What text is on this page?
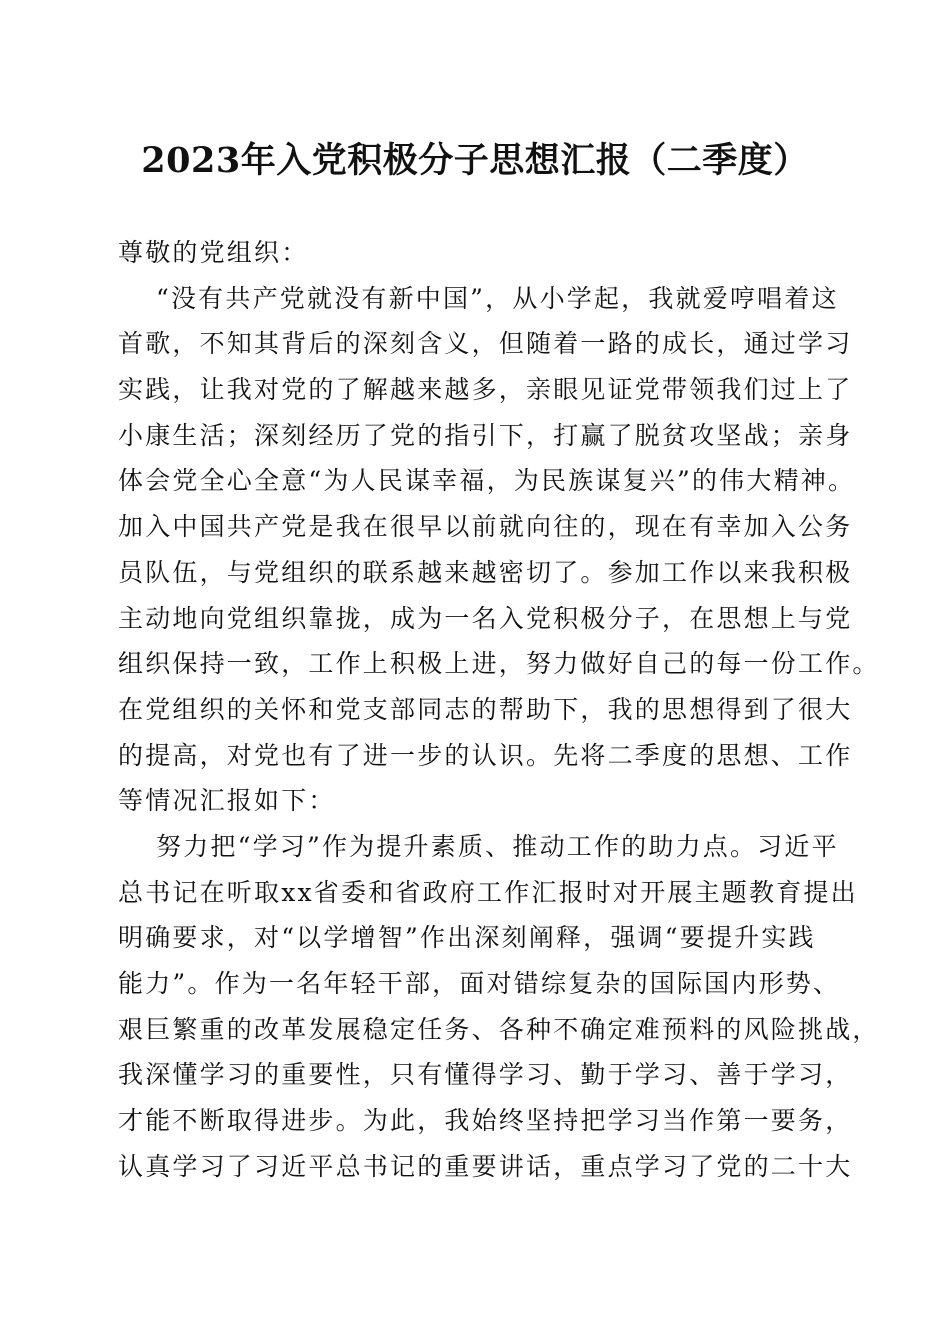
2023年入党积极分子思想汇报（二季度）
尊敬的党组织：
“没有共产党就没有新中国”，从小学起，我就爱哼唱着这
首歌，不知其背后的深刻含义，但随着一路的成长，通过学习
实践，让我对党的了解越来越多，亲眼见证党带领我们过上了
小康生活；深刻经历了党的指引下，打赢了脱贫攻坚战；亲身
体会党全心全意“为人民谋幸福，为民族谋复兴”的伟大精神。
加入中国共产党是我在很早以前就向往的，现在有幸加入公务
员队伍，与党组织的联系越来越密切了。参加工作以来我积极
主动地向党组织靠拢，成为一名入党积极分子，在思想上与党
组织保持一致，工作上积极上进，努力做好自己的每一份工作。
在党组织的关怀和党支部同志的帮助下，我的思想得到了很大
的提高，对党也有了进一步的认识。先将二季度的思想、工作
等情况汇报如下：
努力把“学习”作为提升素质、推动工作的助力点。习近平
总书记在听取xx省委和省政府工作汇报时对开展主题教育提出
明确要求，对“以学增智”作出深刻阐释，强调“要提升实践
能力”。作为一名年轻干部，面对错综复杂的国际国内形势、
艰巨繁重的改革发展稳定任务、各种不确定难预料的风险挑战，
我深懂学习的重要性，只有懂得学习、勤于学习、善于学习，
才能不断取得进步。为此，我始终坚持把学习当作第一要务，
认真学习了习近平总书记的重要讲话，重点学习了党的二十大
